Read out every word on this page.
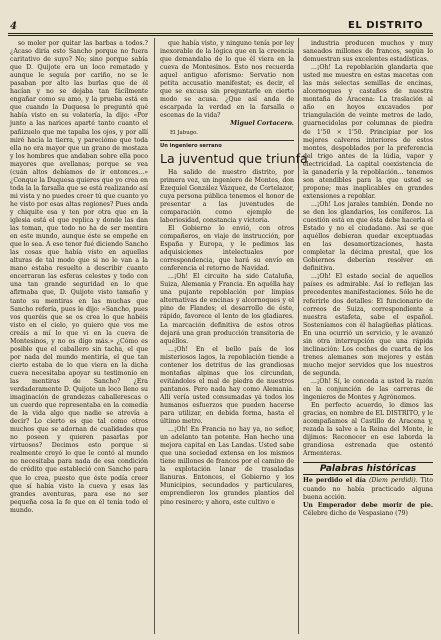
4	EL DISTRITO

so moler por quitar las barbas a todos.? ¿Acaso diría esto Sancho porque no fuera caritativo de suyo? No; sino porque sabía que D. Quijote era un loco rematado y aunque le seguía por cariño, no se le pasaban por alto las burlas que de él hacían y no se dejaba tan fácilmente engañar como su amo, y la prueba está en que cuando la Duquesa le preguntó qué había visto en su volatería, la dijo: «Por junto a las narices aparté tanto cuanto el pañizuelo que me tapaba los ojos, y por allí miré hacia la tierra, y parecióme que toda ella no era mayor que un grano de mostaza y los hombres que andaban sobre ella poco mayores que avellanas; porque se vea (cuán altos debíamos de ir entonces...» ¿Conque la Duquesa quieres que yo crea en toda la la farsalla que se está realizando así mi vista y no puedes creer tú que cuanto yo he visto por esas altas regiones? Pues anda y chiquite esa y ten por otra que en la iglesia está el que replica y donde las dan las toman, que todo no ha de ser mentira en este mundo, aunque éste se empeñe en que lo sea. A ese tenor fué diciendo Sancho las cosas que había visto en aquellas alturas de tal modo que si no le van a la mano estaba resuelto a describir cuanto encerraran las esferas celestes y todo con una tan grande seguridad en lo que afirmaba que, D. Quijote visto tamaño y tanto su mentiras en las muchas que Sancho refería, pues le dijo: «Sancho, pues vos queréis que se os crea lo que habéis visto en el cielo, yo quiero que vos me creáis a mí lo que vi en la cueva de Montesinos, y no os digo más.» ¿Cómo es posible que el caballero sin tacha, el que por nada del mundo mentiría, el que tan cierto estaba de lo que viera en la dicha cueva necesitaba apoyar su testimonio en las mentiras de Sancho? ¿Era verdaderamente D. Quijote un loco lleno su imaginación de grandezas caballerescas o un cuerdo que representaba en la comedia de la vida algo que nadie se atrevía a decir? Lo cierto es que tal como otros muchos que se adornan de cualidades que no poseen y quieren pasarlas por virtuosos? Decimos esto porque si realmente creyó lo que le contó al mundo no necesitaba para nada de esa condición de crédito que estableció con Sancho para que lo crea, puesto que éste podía creer que sí había visto la cueva y esas las grandes aventuras, para ese no ser pequeña cosa la fe que en él tenía todo el mundo.

que había visto, y ninguno tenía por ley inexorable de la lógica que en la creencia que demandaba de lo que él viera en la cueva de Montesinos. Esto nos recuerda aquel antiguo aforismo: Servatio non petita accusatio manifestat; es decir, el que se excusa sin preguntarle en cierto modo se acusa. ¿Que así anda de escarpada la verdad en la farsalla o escenas de la vida?

Miguel Cortacero.

El Jabugo.

Un ingeniero serrano
La juventud que triunfa

Ha salido de nuestro distrito, por primera vez, un ingeniero de Montes, don Ezequiel González Vázquez, de Cortelazor, cuya persona pública tenemos el honor de presentar a las juventudes de comparación como ejemplo de laboriosidad, constancia y victoria.

El Gobierno lo envió, con otros compañeros, en viaje de instrucción, por España y Europa, y le pedimos las adquisiciones intelectuales por correspondencia, que hará su envío en conferencia el retorno de Navidad.

...¡Oh! El circuito ha sido Cataluña, Suiza, Alemania y Francia. En aquélla hay una pujante repoblación por limpias alternativas de encinas y alcornoques y el pino de Flandes; el desarrollo de éste, rápido, favorece el lento de los gladiares. La marcación definitiva de estos otros dejará una gran producción transitoria de aquéllos.

...¡Oh! En el bello país de los misteriosos lagos, la repoblación tiende a contener los detritus de las grandiosas montañas alpinas que los circundan, evitándoles el mal de piedra de nuestros pantanos. Pero nada hay como Alemania. Allí vería usted consumadas yá todos los humanos esfuerzos que pueden hacerse para utilizar, en debida forma, hasta el último metro.

...¡Oh! En Francia no hay ya, no señor, un adelanto tan potente. Han hecho una mejora capital en Las Landas. Usted sabe que una sociedad extensa en los mismos tiene millones de francos por el camino de la explotación lanar de trasaladas llanuras. Entonces, el Gobierno y los Municipios, secundados y particulares, emprendieron los grandes plantíos del pino resinero; y ahora, este cultivo e

industria producen muchos y muy saneados millones de francos, según lo demuestran sus excelentes estadísticas.

...¡Oh! La repoblación glandaria que usted me muestra en estas macetas con las más selectas semillas de encinas, alcornoques y castaños de nuestra montaña de Aracena: La traslación al año en hoyos excavados por triangulación de veinte metros de lado, guarnecidolas por columnas de piedra de 1'50 × 1'50. Principiar por los mejores calveros interiores de estos montes, despoblados por la preferencia del trigo antes de la lúdia, vapor y electricidad. La capital coexistencia de la ganadería y la repoblación... tenemos son atendibles para la que usted se propone; mas inaplicables en grandes extensiones a repoblar.

...¡Oh! Los jarales también. Donde no se den los glandarios, los coníferos. La cuestión está en que ésta debe hacerla el Estado y no el ciudadano. Así se que aquéllos debieran quedar exceptuadas en las desamortizaciones, hasta completar la décima prestal, que los Gobiernos deberían resolver en definitiva.

...¡Oh! El estado social de aquellos países es admirable. Así lo reflejan las precedentes manifestaciones. Sólo he de referirle dos detalles: El funcionario de correos de Suiza, correspondiente a nuestra estafeta, sabe el español. Sosteníamos con él halagüeñas pláticas. En una ocurrió un servicio, y le avanzó sin otra interrupción que una rápida inclinación: Los coches de cuarta de los trenes alemanes son mejores y están mucho mejor servidos que los nuestros de segunda.

...¡Oh! Sí, le conceda a usted la razón en la conjunción de las carreras de ingenieros de Montes y Agrónomos.

En perfecto acuerdo, lo dimos las gracias, en nombre de EL DISTRITO, y le acompañamos al Castillo de Aracena y, rezada la salve a la Reina del Monte, le dijimos: Reconocer en ese laborda la grandiosa estrenada que ostentó Armenteras.

Palabras históricas
He perdido el día (Diem perdidi). Tito cuando no había practicado alguna buena acción.
Un Emperador debe morir de pie. Célebre dicho de Vespasiano (79)
